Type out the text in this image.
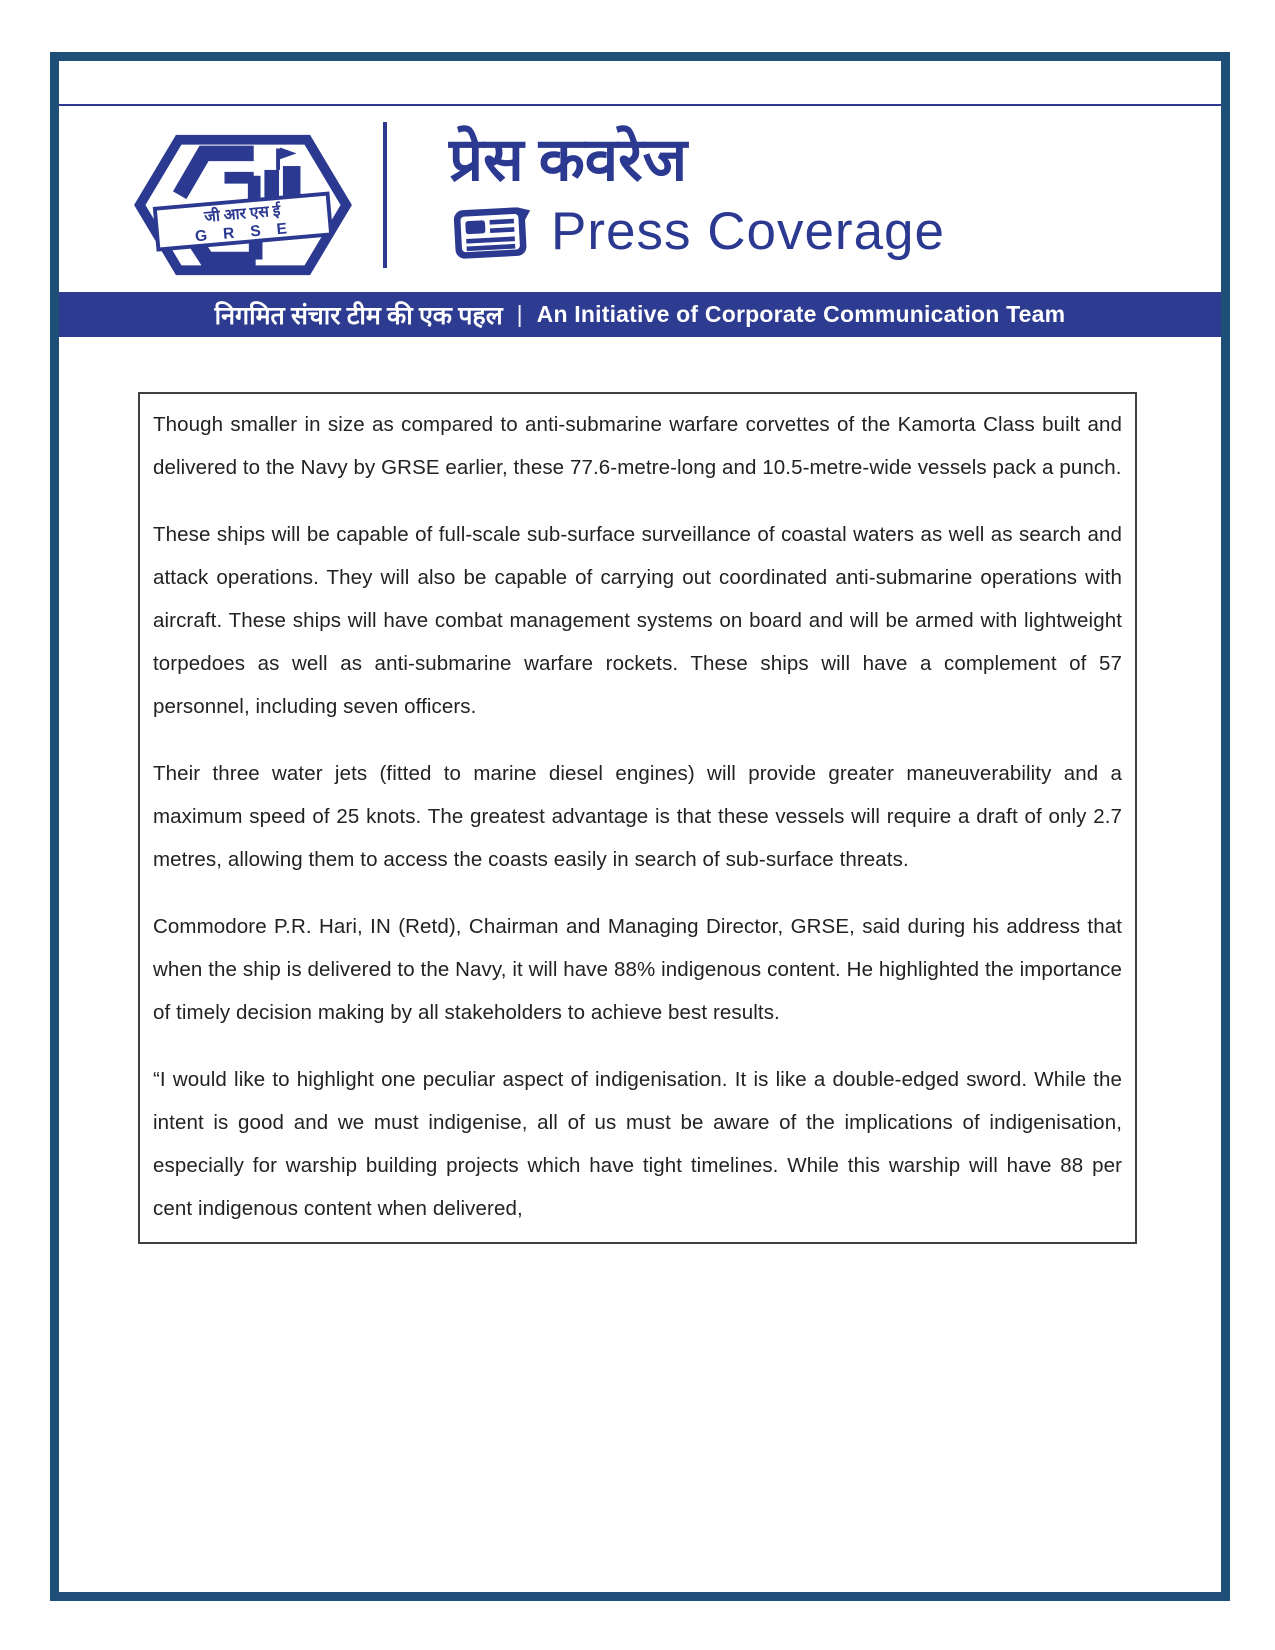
जी आर एस ई
G R S E
प्रेस कवरेज
Press Coverage
निगमित संचार टीम की एक पहल | An Initiative of Corporate Communication Team

Though smaller in size as compared to anti-submarine warfare corvettes of the Kamorta Class built and delivered to the Navy by GRSE earlier, these 77.6-metre-long and 10.5-metre-wide vessels pack a punch.

These ships will be capable of full-scale sub-surface surveillance of coastal waters as well as search and attack operations. They will also be capable of carrying out coordinated anti-submarine operations with aircraft. These ships will have combat management systems on board and will be armed with lightweight torpedoes as well as anti-submarine warfare rockets. These ships will have a complement of 57 personnel, including seven officers.

Their three water jets (fitted to marine diesel engines) will provide greater maneuverability and a maximum speed of 25 knots. The greatest advantage is that these vessels will require a draft of only 2.7 metres, allowing them to access the coasts easily in search of sub-surface threats.

Commodore P.R. Hari, IN (Retd), Chairman and Managing Director, GRSE, said during his address that when the ship is delivered to the Navy, it will have 88% indigenous content. He highlighted the importance of timely decision making by all stakeholders to achieve best results.

“I would like to highlight one peculiar aspect of indigenisation. It is like a double-edged sword. While the intent is good and we must indigenise, all of us must be aware of the implications of indigenisation, especially for warship building projects which have tight timelines. While this warship will have 88 per cent indigenous content when delivered,
